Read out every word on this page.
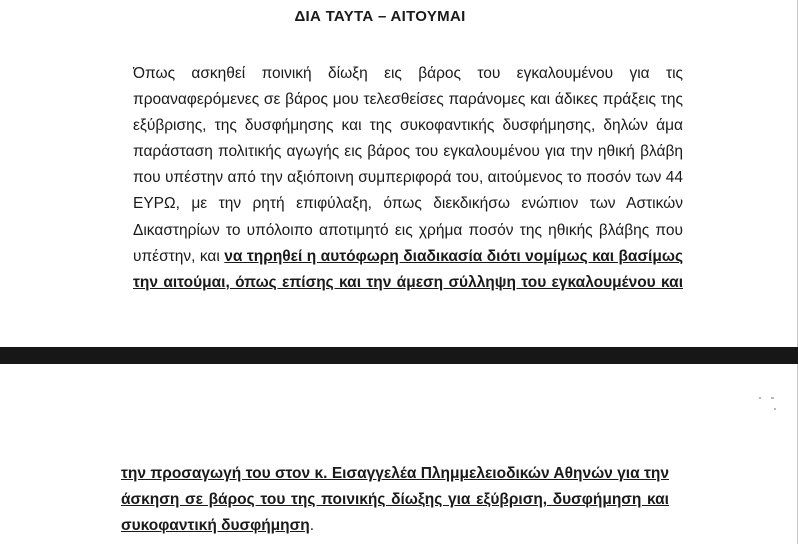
ΔΙΑ ΤΑΥΤΑ – ΑΙΤΟΥΜΑΙ
Όπως ασκηθεί ποινική δίωξη εις βάρος του εγκαλουμένου για τις
προαναφερόμενες σε βάρος μου τελεσθείσες παράνομες και άδικες πράξεις της
εξύβρισης, της δυσφήμησης και της συκοφαντικής δυσφήμησης, δηλών άμα
παράσταση πολιτικής αγωγής εις βάρος του εγκαλουμένου για την ηθική βλάβη
που υπέστην από την αξιόποινη συμπεριφορά του, αιτούμενος το ποσόν των 44
ΕΥΡΩ, με την ρητή επιφύλαξη, όπως διεκδικήσω ενώπιον των Αστικών
Δικαστηρίων το υπόλοιπο αποτιμητό εις χρήμα ποσόν της ηθικής βλάβης που
υπέστην, και να τηρηθεί η αυτόφωρη διαδικασία διότι νομίμως και βασίμως
την αιτούμαι, όπως επίσης και την άμεση σύλληψη του εγκαλουμένου και
την προσαγωγή του στον κ. Εισαγγελέα Πλημμελειοδικών Αθηνών για την
άσκηση σε βάρος του της ποινικής δίωξης για εξύβριση, δυσφήμηση και
συκοφαντική δυσφήμηση.
